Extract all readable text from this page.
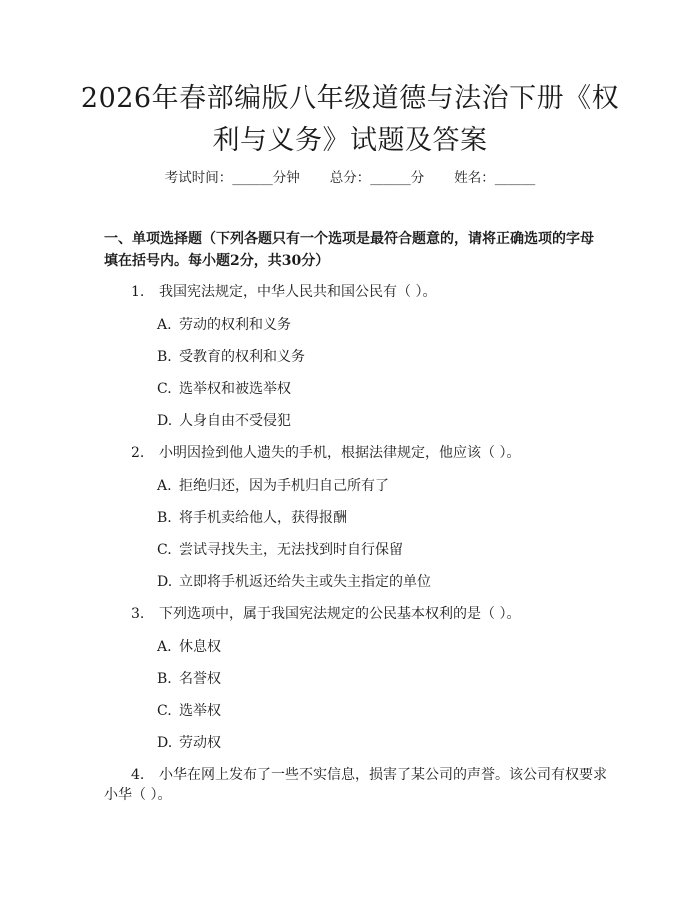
2026年春部编版八年级道德与法治下册《权利与义务》试题及答案
考试时间：______分钟 总分：______分 姓名：______
一、单项选择题（下列各题只有一个选项是最符合题意的，请将正确选项的字母填在括号内。每小题2分，共30分）
1. 我国宪法规定，中华人民共和国公民有（ ）。
A. 劳动的权利和义务
B. 受教育的权利和义务
C. 选举权和被选举权
D. 人身自由不受侵犯
2. 小明因捡到他人遗失的手机，根据法律规定，他应该（ ）。
A. 拒绝归还，因为手机归自己所有了
B. 将手机卖给他人，获得报酬
C. 尝试寻找失主，无法找到时自行保留
D. 立即将手机返还给失主或失主指定的单位
3. 下列选项中，属于我国宪法规定的公民基本权利的是（ ）。
A. 休息权
B. 名誉权
C. 选举权
D. 劳动权
4. 小华在网上发布了一些不实信息，损害了某公司的声誉。该公司有权要求
小华（ ）。
